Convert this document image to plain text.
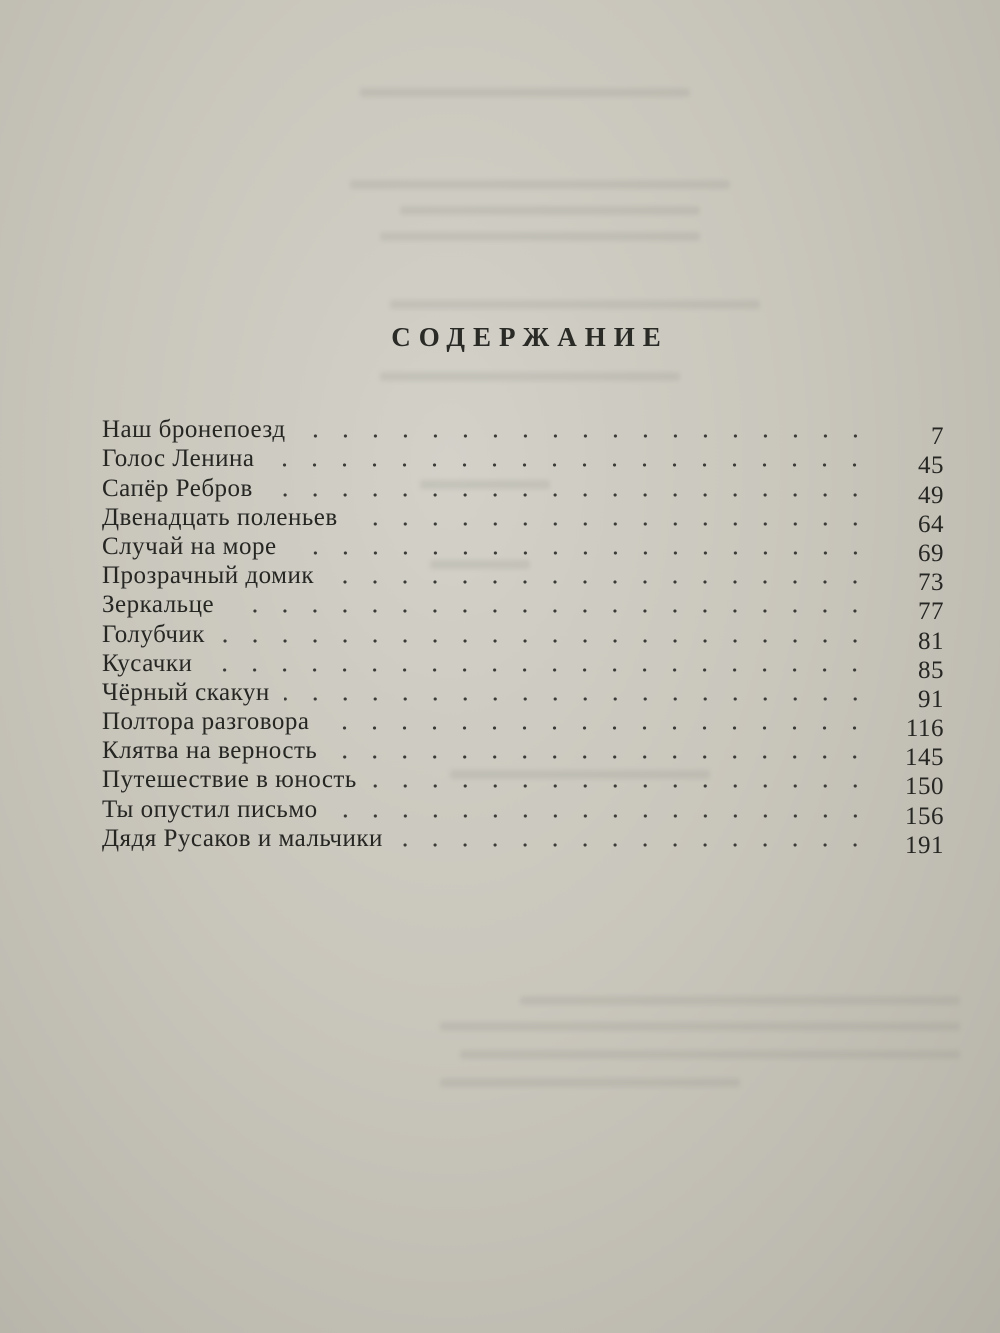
СОДЕРЖАНИЕ
Наш бронепоезд	7
Голос Ленина	45
Сапёр Ребров	49
Двенадцать поленьев	64
Случай на море	69
Прозрачный домик	73
Зеркальце	77
Голубчик	81
Кусачки	85
Чёрный скакун	91
Полтора разговора	116
Клятва на верность	145
Путешествие в юность	150
Ты опустил письмо	156
Дядя Русаков и мальчики	191
